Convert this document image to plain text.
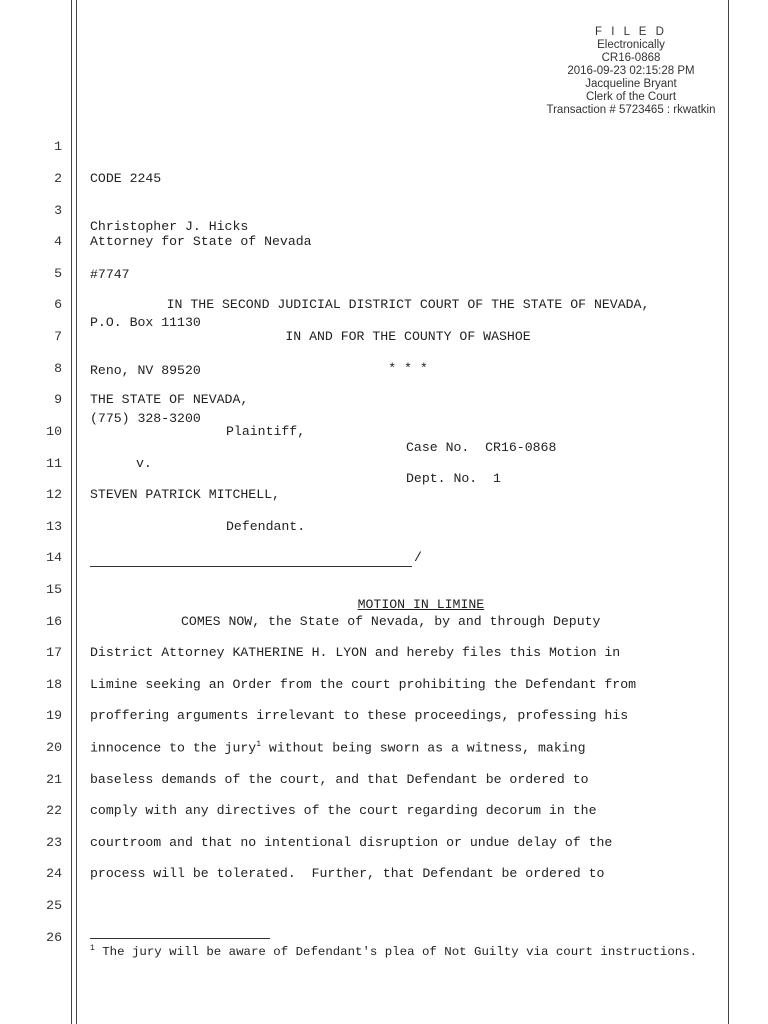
F I L E D
Electronically
CR16-0868
2016-09-23 02:15:28 PM
Jacqueline Bryant
Clerk of the Court
Transaction # 5723465 : rkwatkin
1
2
3
4
5
6
7
8
9
10
11
12
13
14
15
16
17
18
19
20
21
22
23
24
25
26

CODE 2245

Christopher J. Hicks

#7747

P.O. Box 11130

Reno, NV 89520

(775) 328-3200

Attorney for State of Nevada
IN THE SECOND JUDICIAL DISTRICT COURT OF THE STATE OF NEVADA,
IN AND FOR THE COUNTY OF WASHOE
* * *
THE STATE OF NEVADA,
Plaintiff,
Case No.  CR16-0868
v.
Dept. No.  1
STEVEN PATRICK MITCHELL,
Defendant.
/

MOTION IN LIMINE

COMES NOW, the State of Nevada, by and through Deputy
District Attorney KATHERINE H. LYON and hereby files this Motion in
Limine seeking an Order from the court prohibiting the Defendant from
proffering arguments irrelevant to these proceedings, professing his
innocence to the jury$^1$ without being sworn as a witness, making
baseless demands of the court, and that Defendant be ordered to
comply with any directives of the court regarding decorum in the
courtroom and that no intentional disruption or undue delay of the
process will be tolerated.  Further, that Defendant be ordered to
$^1$ The jury will be aware of Defendant's plea of Not Guilty via court instructions.
